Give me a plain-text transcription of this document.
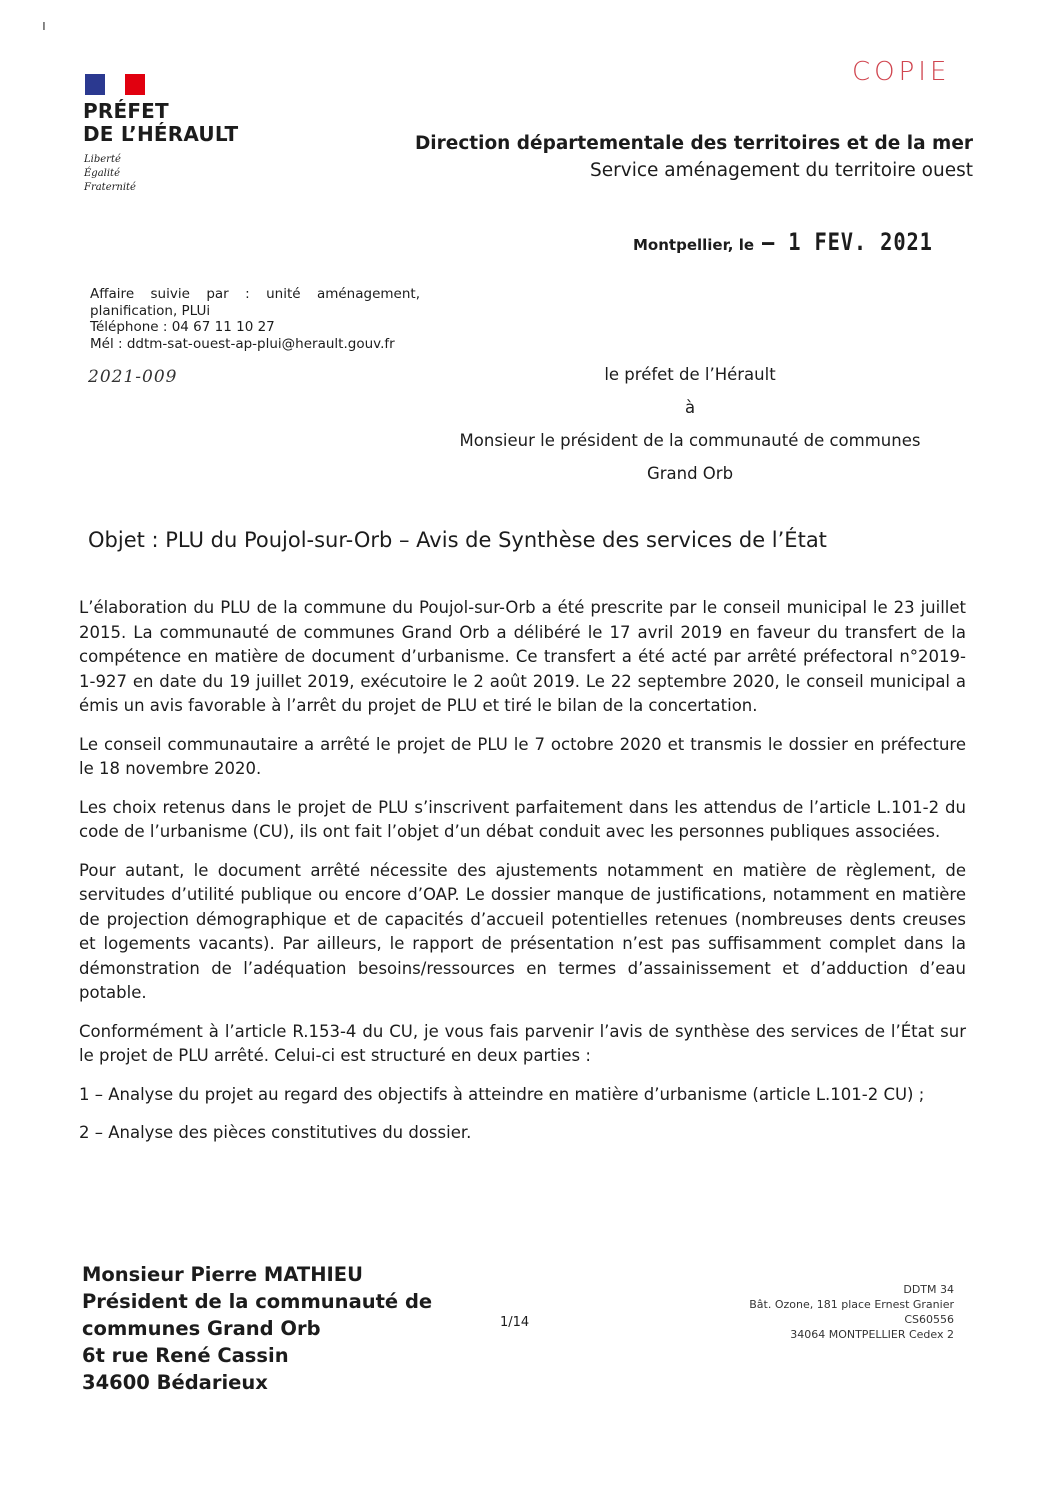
ı
PRÉFET
DE L’HÉRAULT
Liberté
Égalité
Fraternité
COPIE
Direction départementale des territoires et de la mer
Service aménagement du territoire ouest
Montpellier, le – 1 FEV. 2021
Affaire suivie par : unité aménagement,
planification, PLUi
Téléphone : 04 67 11 10 27
Mél : ddtm-sat-ouest-ap-plui@herault.gouv.fr
2021-009	le préfet de l’Hérault
à
Monsieur le président de la communauté de communes
Grand Orb
Objet : PLU du Poujol-sur-Orb – Avis de Synthèse des services de l’État

L’élaboration du PLU de la commune du Poujol-sur-Orb a été prescrite par le conseil municipal le 23 juillet 2015. La communauté de communes Grand Orb a délibéré le 17 avril 2019 en faveur du transfert de la compétence en matière de document d’urbanisme. Ce transfert a été acté par arrêté préfectoral n°2019-1-927 en date du 19 juillet 2019, exécutoire le 2 août 2019. Le 22 septembre 2020, le conseil municipal a émis un avis favorable à l’arrêt du projet de PLU et tiré le bilan de la concertation.

Le conseil communautaire a arrêté le projet de PLU le 7 octobre 2020 et transmis le dossier en préfecture le 18 novembre 2020.

Les choix retenus dans le projet de PLU s’inscrivent parfaitement dans les attendus de l’article L.101-2 du code de l’urbanisme (CU), ils ont fait l’objet d’un débat conduit avec les personnes publiques associées.

Pour autant, le document arrêté nécessite des ajustements notamment en matière de règlement, de servitudes d’utilité publique ou encore d’OAP. Le dossier manque de justifications, notamment en matière de projection démographique et de capacités d’accueil potentielles retenues (nombreuses dents creuses et logements vacants). Par ailleurs, le rapport de présentation n’est pas suffisamment complet dans la démonstration de l’adéquation besoins/ressources en termes d’assainissement et d’adduction d’eau potable.

Conformément à l’article R.153-4 du CU, je vous fais parvenir l’avis de synthèse des services de l’État sur le projet de PLU arrêté. Celui-ci est structuré en deux parties :

1 – Analyse du projet au regard des objectifs à atteindre en matière d’urbanisme (article L.101-2 CU) ;

2 – Analyse des pièces constitutives du dossier.

Monsieur Pierre MATHIEU
Président de la communauté de
communes Grand Orb
6t rue René Cassin
34600 Bédarieux
1/14
DDTM 34
Bât. Ozone, 181 place Ernest Granier
CS60556
34064 MONTPELLIER Cedex 2
